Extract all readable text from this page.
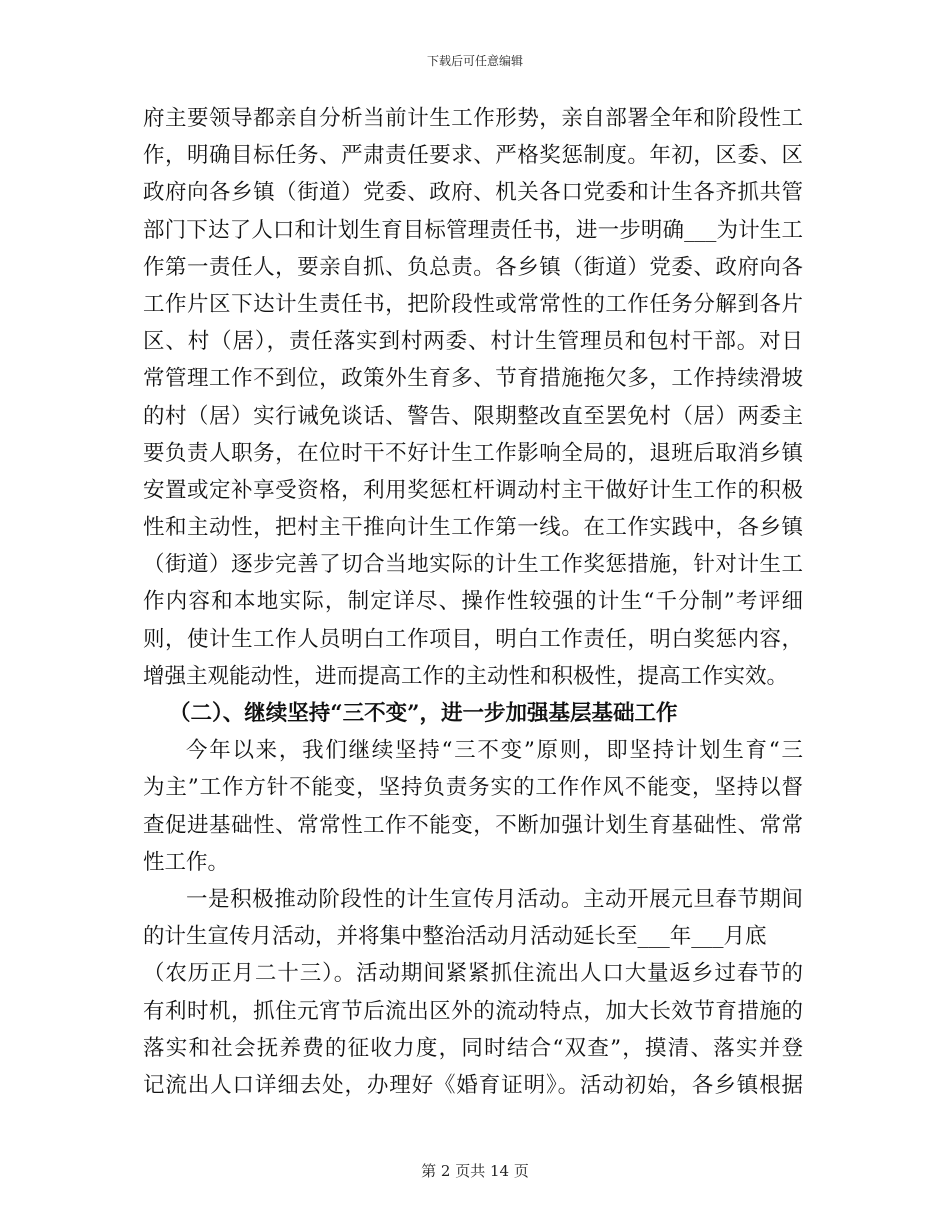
下载后可任意编辑
府主要领导都亲自分析当前计生工作形势，亲自部署全年和阶段性工
作，明确目标任务、严肃责任要求、严格奖惩制度。年初，区委、区
政府向各乡镇（街道）党委、政府、机关各口党委和计生各齐抓共管
部门下达了人口和计划生育目标管理责任书，进一步明确___为计生工
作第一责任人，要亲自抓、负总责。各乡镇（街道）党委、政府向各
工作片区下达计生责任书，把阶段性或常常性的工作任务分解到各片
区、村（居），责任落实到村两委、村计生管理员和包村干部。对日
常管理工作不到位，政策外生育多、节育措施拖欠多，工作持续滑坡
的村（居）实行诫免谈话、警告、限期整改直至罢免村（居）两委主
要负责人职务，在位时干不好计生工作影响全局的，退班后取消乡镇
安置或定补享受资格，利用奖惩杠杆调动村主干做好计生工作的积极
性和主动性，把村主干推向计生工作第一线。在工作实践中，各乡镇
（街道）逐步完善了切合当地实际的计生工作奖惩措施，针对计生工
作内容和本地实际，制定详尽、操作性较强的计生“千分制”考评细
则，使计生工作人员明白工作项目，明白工作责任，明白奖惩内容，
增强主观能动性，进而提高工作的主动性和积极性，提高工作实效。
（二）、继续坚持“三不变”，进一步加强基层基础工作
今年以来，我们继续坚持“三不变”原则，即坚持计划生育“三
为主”工作方针不能变，坚持负责务实的工作作风不能变，坚持以督
查促进基础性、常常性工作不能变，不断加强计划生育基础性、常常
性工作。
一是积极推动阶段性的计生宣传月活动。主动开展元旦春节期间
的计生宣传月活动，并将集中整治活动月活动延长至___年___月底
（农历正月二十三）。活动期间紧紧抓住流出人口大量返乡过春节的
有利时机，抓住元宵节后流出区外的流动特点，加大长效节育措施的
落实和社会抚养费的征收力度，同时结合“双查”，摸清、落实并登
记流出人口详细去处，办理好《婚育证明》。活动初始，各乡镇根据
第 2 页共 14 页
